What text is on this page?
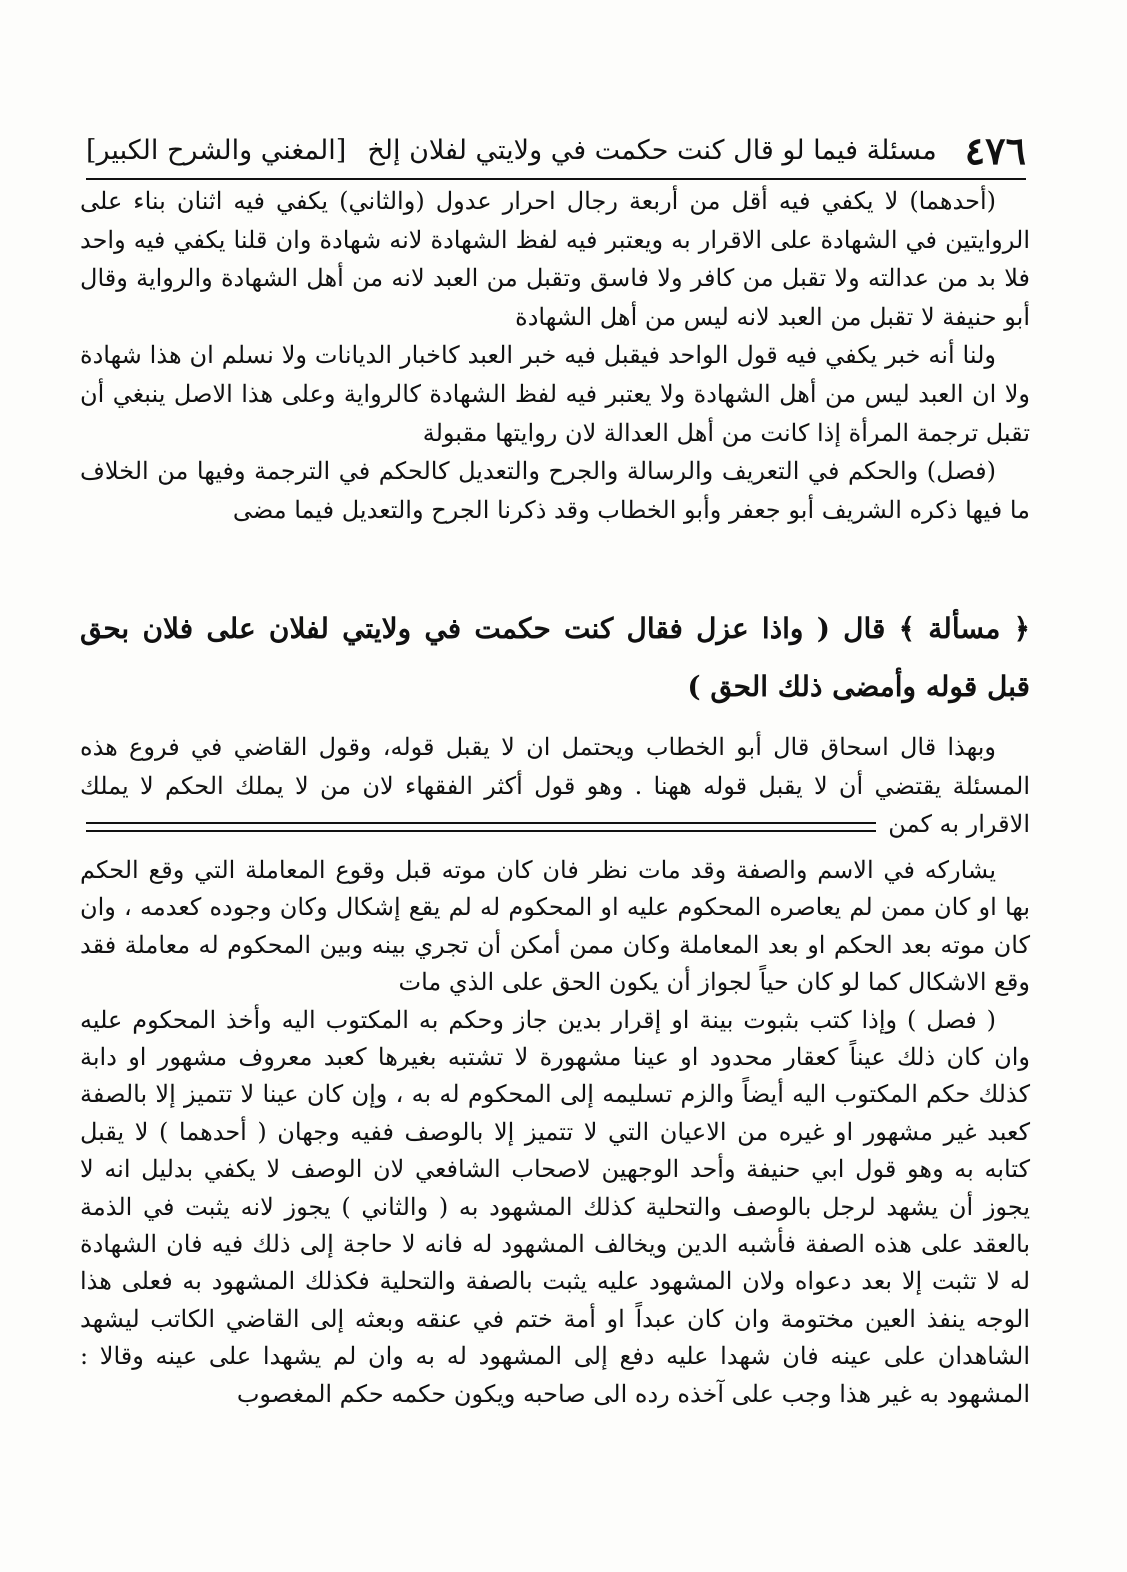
٤٧٦
مسئلة فيما لو قال كنت حكمت في ولايتي لفلان إلخ
[المغني والشرح الكبير]

(أحدهما) لا يكفي فيه أقل من أربعة رجال احرار عدول (والثاني) يكفي فيه اثنان بناء على الروايتين في الشهادة على الاقرار به ويعتبر فيه لفظ الشهادة لانه شهادة وان قلنا يكفي فيه واحد فلا بد من عدالته ولا تقبل من كافر ولا فاسق وتقبل من العبد لانه من أهل الشهادة والرواية وقال أبو حنيفة لا تقبل من العبد لانه ليس من أهل الشهادة

ولنا أنه خبر يكفي فيه قول الواحد فيقبل فيه خبر العبد كاخبار الديانات ولا نسلم ان هذا شهادة ولا ان العبد ليس من أهل الشهادة ولا يعتبر فيه لفظ الشهادة كالرواية وعلى هذا الاصل ينبغي أن تقبل ترجمة المرأة إذا كانت من أهل العدالة لان روايتها مقبولة

(فصل) والحكم في التعريف والرسالة والجرح والتعديل كالحكم في الترجمة وفيها من الخلاف ما فيها ذكره الشريف أبو جعفر وأبو الخطاب وقد ذكرنا الجرح والتعديل فيما مضى

﴿ مسألة ﴾ قال ( واذا عزل فقال كنت حكمت في ولايتي لفلان على فلان بحق قبل قوله وأمضى ذلك الحق )

وبهذا قال اسحاق قال أبو الخطاب ويحتمل ان لا يقبل قوله، وقول القاضي في فروع هذه المسئلة يقتضي أن لا يقبل قوله ههنا . وهو قول أكثر الفقهاء لان من لا يملك الحكم لا يملك الاقرار به كمن

يشاركه في الاسم والصفة وقد مات نظر فان كان موته قبل وقوع المعاملة التي وقع الحكم بها او كان ممن لم يعاصره المحكوم عليه او المحكوم له لم يقع إشكال وكان وجوده كعدمه ، وان كان موته بعد الحكم او بعد المعاملة وكان ممن أمكن أن تجري بينه وبين المحكوم له معاملة فقد وقع الاشكال كما لو كان حياً لجواز أن يكون الحق على الذي مات

( فصل ) وإذا كتب بثبوت بينة او إقرار بدين جاز وحكم به المكتوب اليه وأخذ المحكوم عليه وان كان ذلك عيناً كعقار محدود او عينا مشهورة لا تشتبه بغيرها كعبد معروف مشهور او دابة كذلك حكم المكتوب اليه أيضاً والزم تسليمه إلى المحكوم له به ، وإن كان عينا لا تتميز إلا بالصفة كعبد غير مشهور او غيره من الاعيان التي لا تتميز إلا بالوصف ففيه وجهان ( أحدهما ) لا يقبل كتابه به وهو قول ابي حنيفة وأحد الوجهين لاصحاب الشافعي لان الوصف لا يكفي بدليل انه لا يجوز أن يشهد لرجل بالوصف والتحلية كذلك المشهود به ( والثاني ) يجوز لانه يثبت في الذمة بالعقد على هذه الصفة فأشبه الدين ويخالف المشهود له فانه لا حاجة إلى ذلك فيه فان الشهادة له لا تثبت إلا بعد دعواه ولان المشهود عليه يثبت بالصفة والتحلية فكذلك المشهود به فعلى هذا الوجه ينفذ العين مختومة وان كان عبداً او أمة ختم في عنقه وبعثه إلى القاضي الكاتب ليشهد الشاهدان على عينه فان شهدا عليه دفع إلى المشهود له به وان لم يشهدا على عينه وقالا : المشهود به غير هذا وجب على آخذه رده الى صاحبه ويكون حكمه حكم المغصوب
